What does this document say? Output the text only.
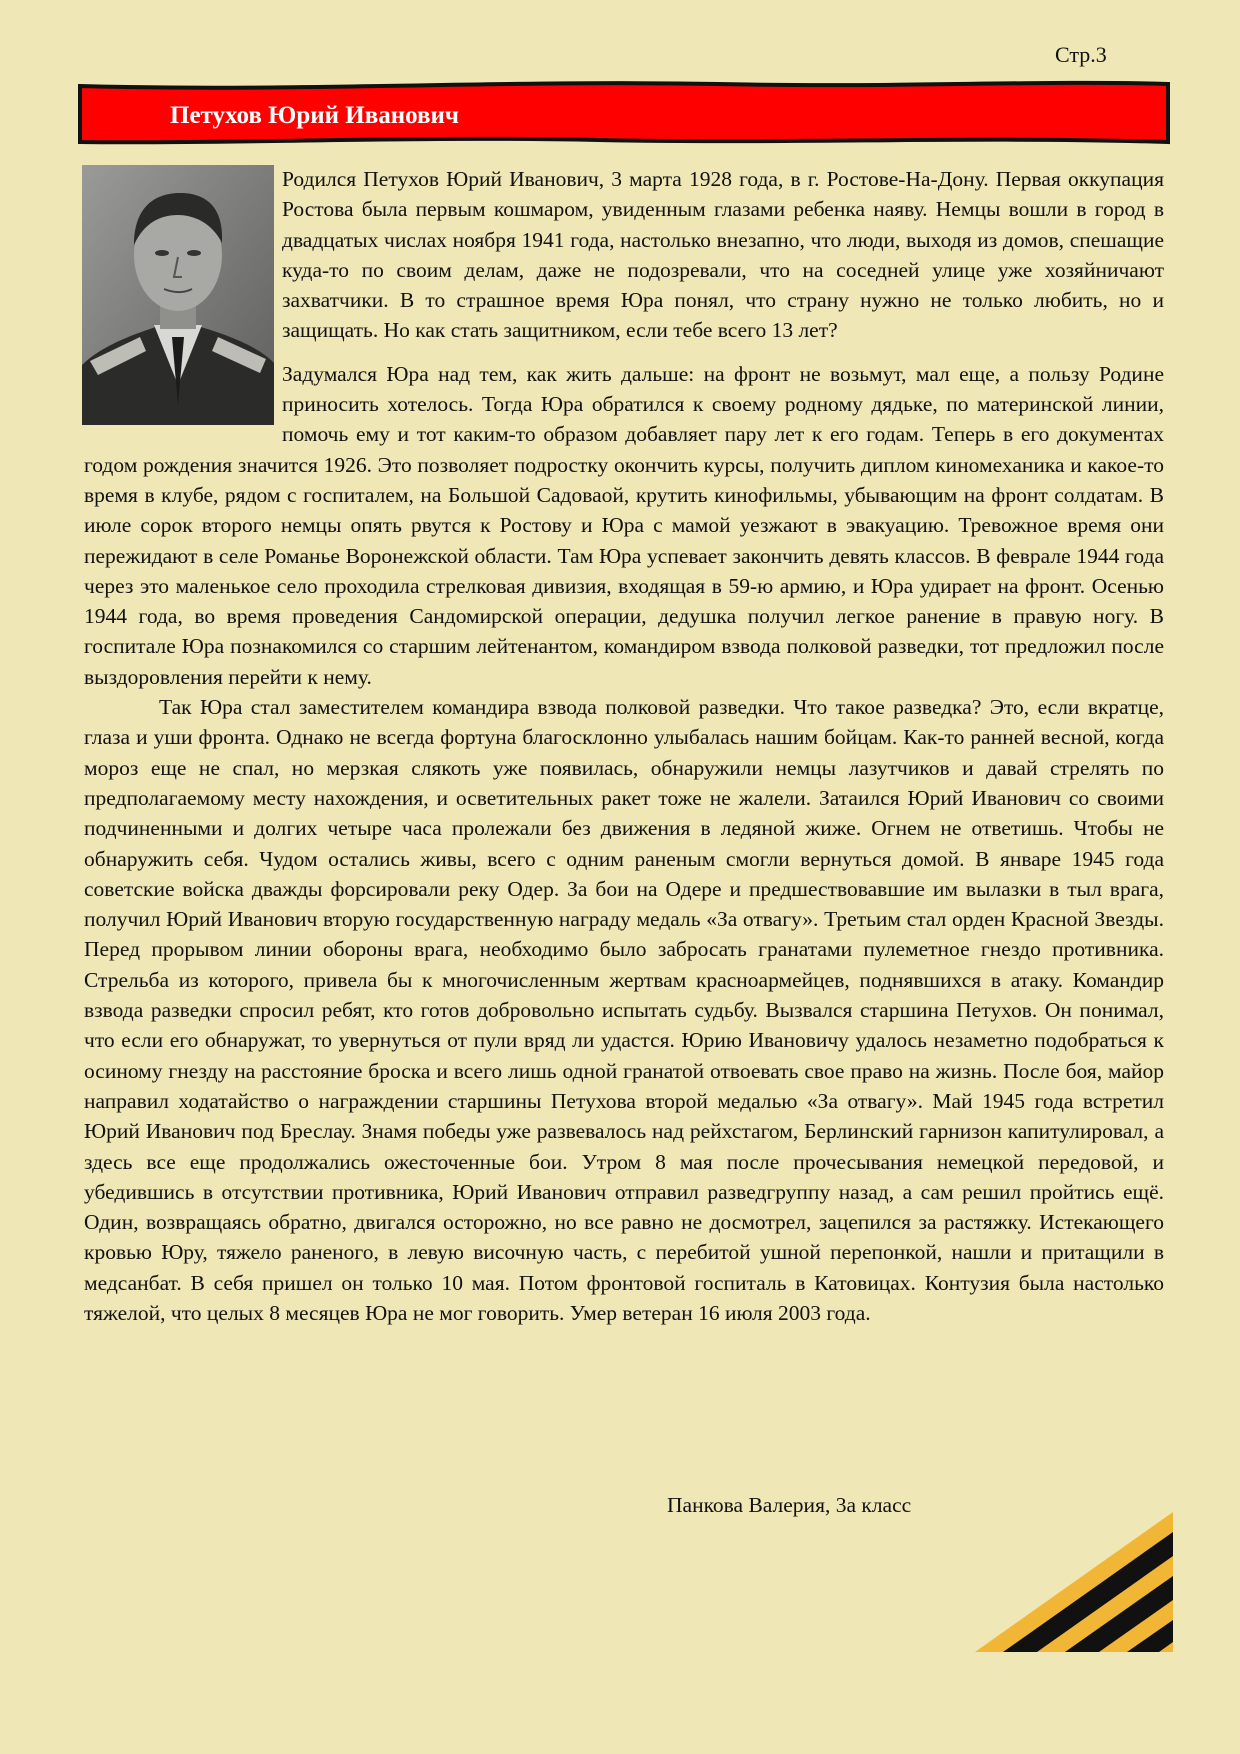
Стр.3
Петухов Юрий Иванович

Родился Петухов Юрий Иванович, 3 марта 1928 года, в г. Ростове-На-Дону. Первая оккупация Ростова была первым кошмаром, увиденным глазами ребенка наяву. Немцы вошли в город в двадцатых числах ноября 1941 года, настолько внезапно, что люди, выходя из домов, спешащие куда-то по своим делам, даже не подозревали, что на соседней улице уже хозяйничают захватчики. В то страшное время Юра понял, что страну нужно не только любить, но и защищать. Но как стать защитником, если тебе всего 13 лет?

Задумался Юра над тем, как жить дальше: на фронт не возьмут, мал еще, а пользу Родине приносить хотелось. Тогда Юра обратился к своему родному дядьке, по материнской линии, помочь ему и тот каким-то образом добавляет пару лет к его годам. Теперь в его документах годом рождения значится 1926. Это позволяет подростку окончить курсы, получить диплом киномеханика и какое-то время в клубе, рядом с госпиталем, на Большой Садоваой, крутить кинофильмы, убывающим на фронт солдатам. В июле сорок второго немцы опять рвутся к Ростову и Юра с мамой уезжают в эвакуацию. Тревожное время они пережидают в селе Романье Воронежской области. Там Юра успевает закончить девять классов. В феврале 1944 года через это маленькое село проходила стрелковая дивизия, входящая в 59-ю армию, и Юра удирает на фронт. Осенью 1944 года, во время проведения Сандомирской операции, дедушка получил легкое ранение в правую ногу. В госпитале Юра познакомился со старшим лейтенантом, командиром взвода полковой разведки, тот предложил после выздоровления перейти к нему.

Так Юра стал заместителем командира взвода полковой разведки. Что такое разведка? Это, если вкратце, глаза и уши фронта. Однако не всегда фортуна благосклонно улыбалась нашим бойцам. Как-то ранней весной, когда мороз еще не спал, но мерзкая слякоть уже появилась, обнаружили немцы лазутчиков и давай стрелять по предполагаемому месту нахождения, и осветительных ракет тоже не жалели. Затаился Юрий Иванович со своими подчиненными и долгих четыре часа пролежали без движения в ледяной жиже. Огнем не ответишь. Чтобы не обнаружить себя. Чудом остались живы, всего с одним раненым смогли вернуться домой. В январе 1945 года советские войска дважды форсировали реку Одер. За бои на Одере и предшествовавшие им вылазки в тыл врага, получил Юрий Иванович вторую государственную награду медаль «За отвагу». Третьим стал орден Красной Звезды. Перед прорывом линии обороны врага, необходимо было забросать гранатами пулеметное гнездо противника. Стрельба из которого, привела бы к многочисленным жертвам красноармейцев, поднявшихся в атаку. Командир взвода разведки спросил ребят, кто готов добровольно испытать судьбу. Вызвался старшина Петухов. Он понимал, что если его обнаружат, то увернуться от пули вряд ли удастся. Юрию Ивановичу удалось незаметно подобраться к осиному гнезду на расстояние броска и всего лишь одной гранатой отвоевать свое право на жизнь. После боя, майор направил ходатайство о награждении старшины Петухова второй медалью «За отвагу». Май 1945 года встретил Юрий Иванович под Бреслау. Знамя победы уже развевалось над рейхстагом, Берлинский гарнизон капитулировал, а здесь все еще продолжались ожесточенные бои. Утром 8 мая после прочесывания немецкой передовой, и убедившись в отсутствии противника, Юрий Иванович отправил разведгруппу назад, а сам решил пройтись ещё. Один, возвращаясь обратно, двигался осторожно, но все равно не досмотрел, зацепился за растяжку. Истекающего кровью Юру, тяжело раненого, в левую височную часть, с перебитой ушной перепонкой, нашли и притащили в медсанбат. В себя пришел он только 10 мая. Потом фронтовой госпиталь в Катовицах. Контузия была настолько тяжелой, что целых 8 месяцев Юра не мог говорить. Умер ветеран 16 июля 2003 года.

Панкова Валерия, 3а класс
